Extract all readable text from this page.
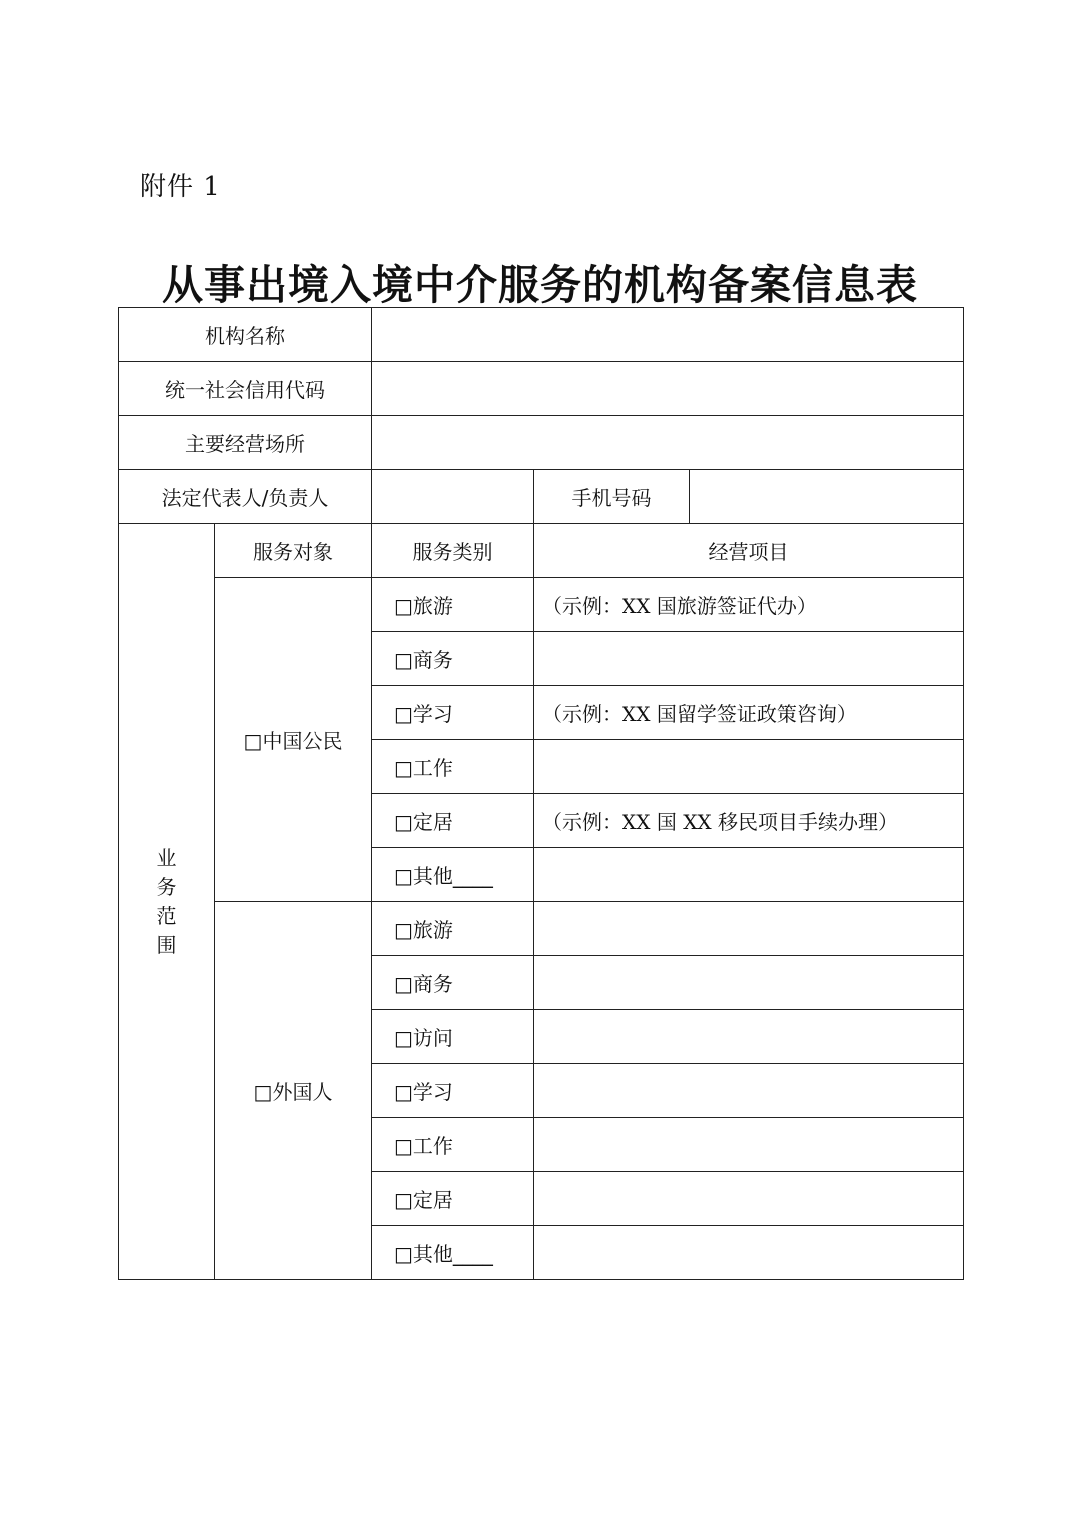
附件 1
从事出境入境中介服务的机构备案信息表
机构名称				
统一社会信用代码				
主要经营场所				
法定代表人/负责人			手机号码	

业
务
范
围	服务对象	服务类别	经营项目	
	□中国公民	□旅游	（示例：XX 国旅游签证代办）	
		□商务		
		□学习	（示例：XX 国留学签证政策咨询）	
		□工作		
		□定居	（示例：XX 国 XX 移民项目手续办理）	
		□其他____		
	□外国人	□旅游		
		□商务		
		□访问		
		□学习		
		□工作		
		□定居		
		□其他____		
